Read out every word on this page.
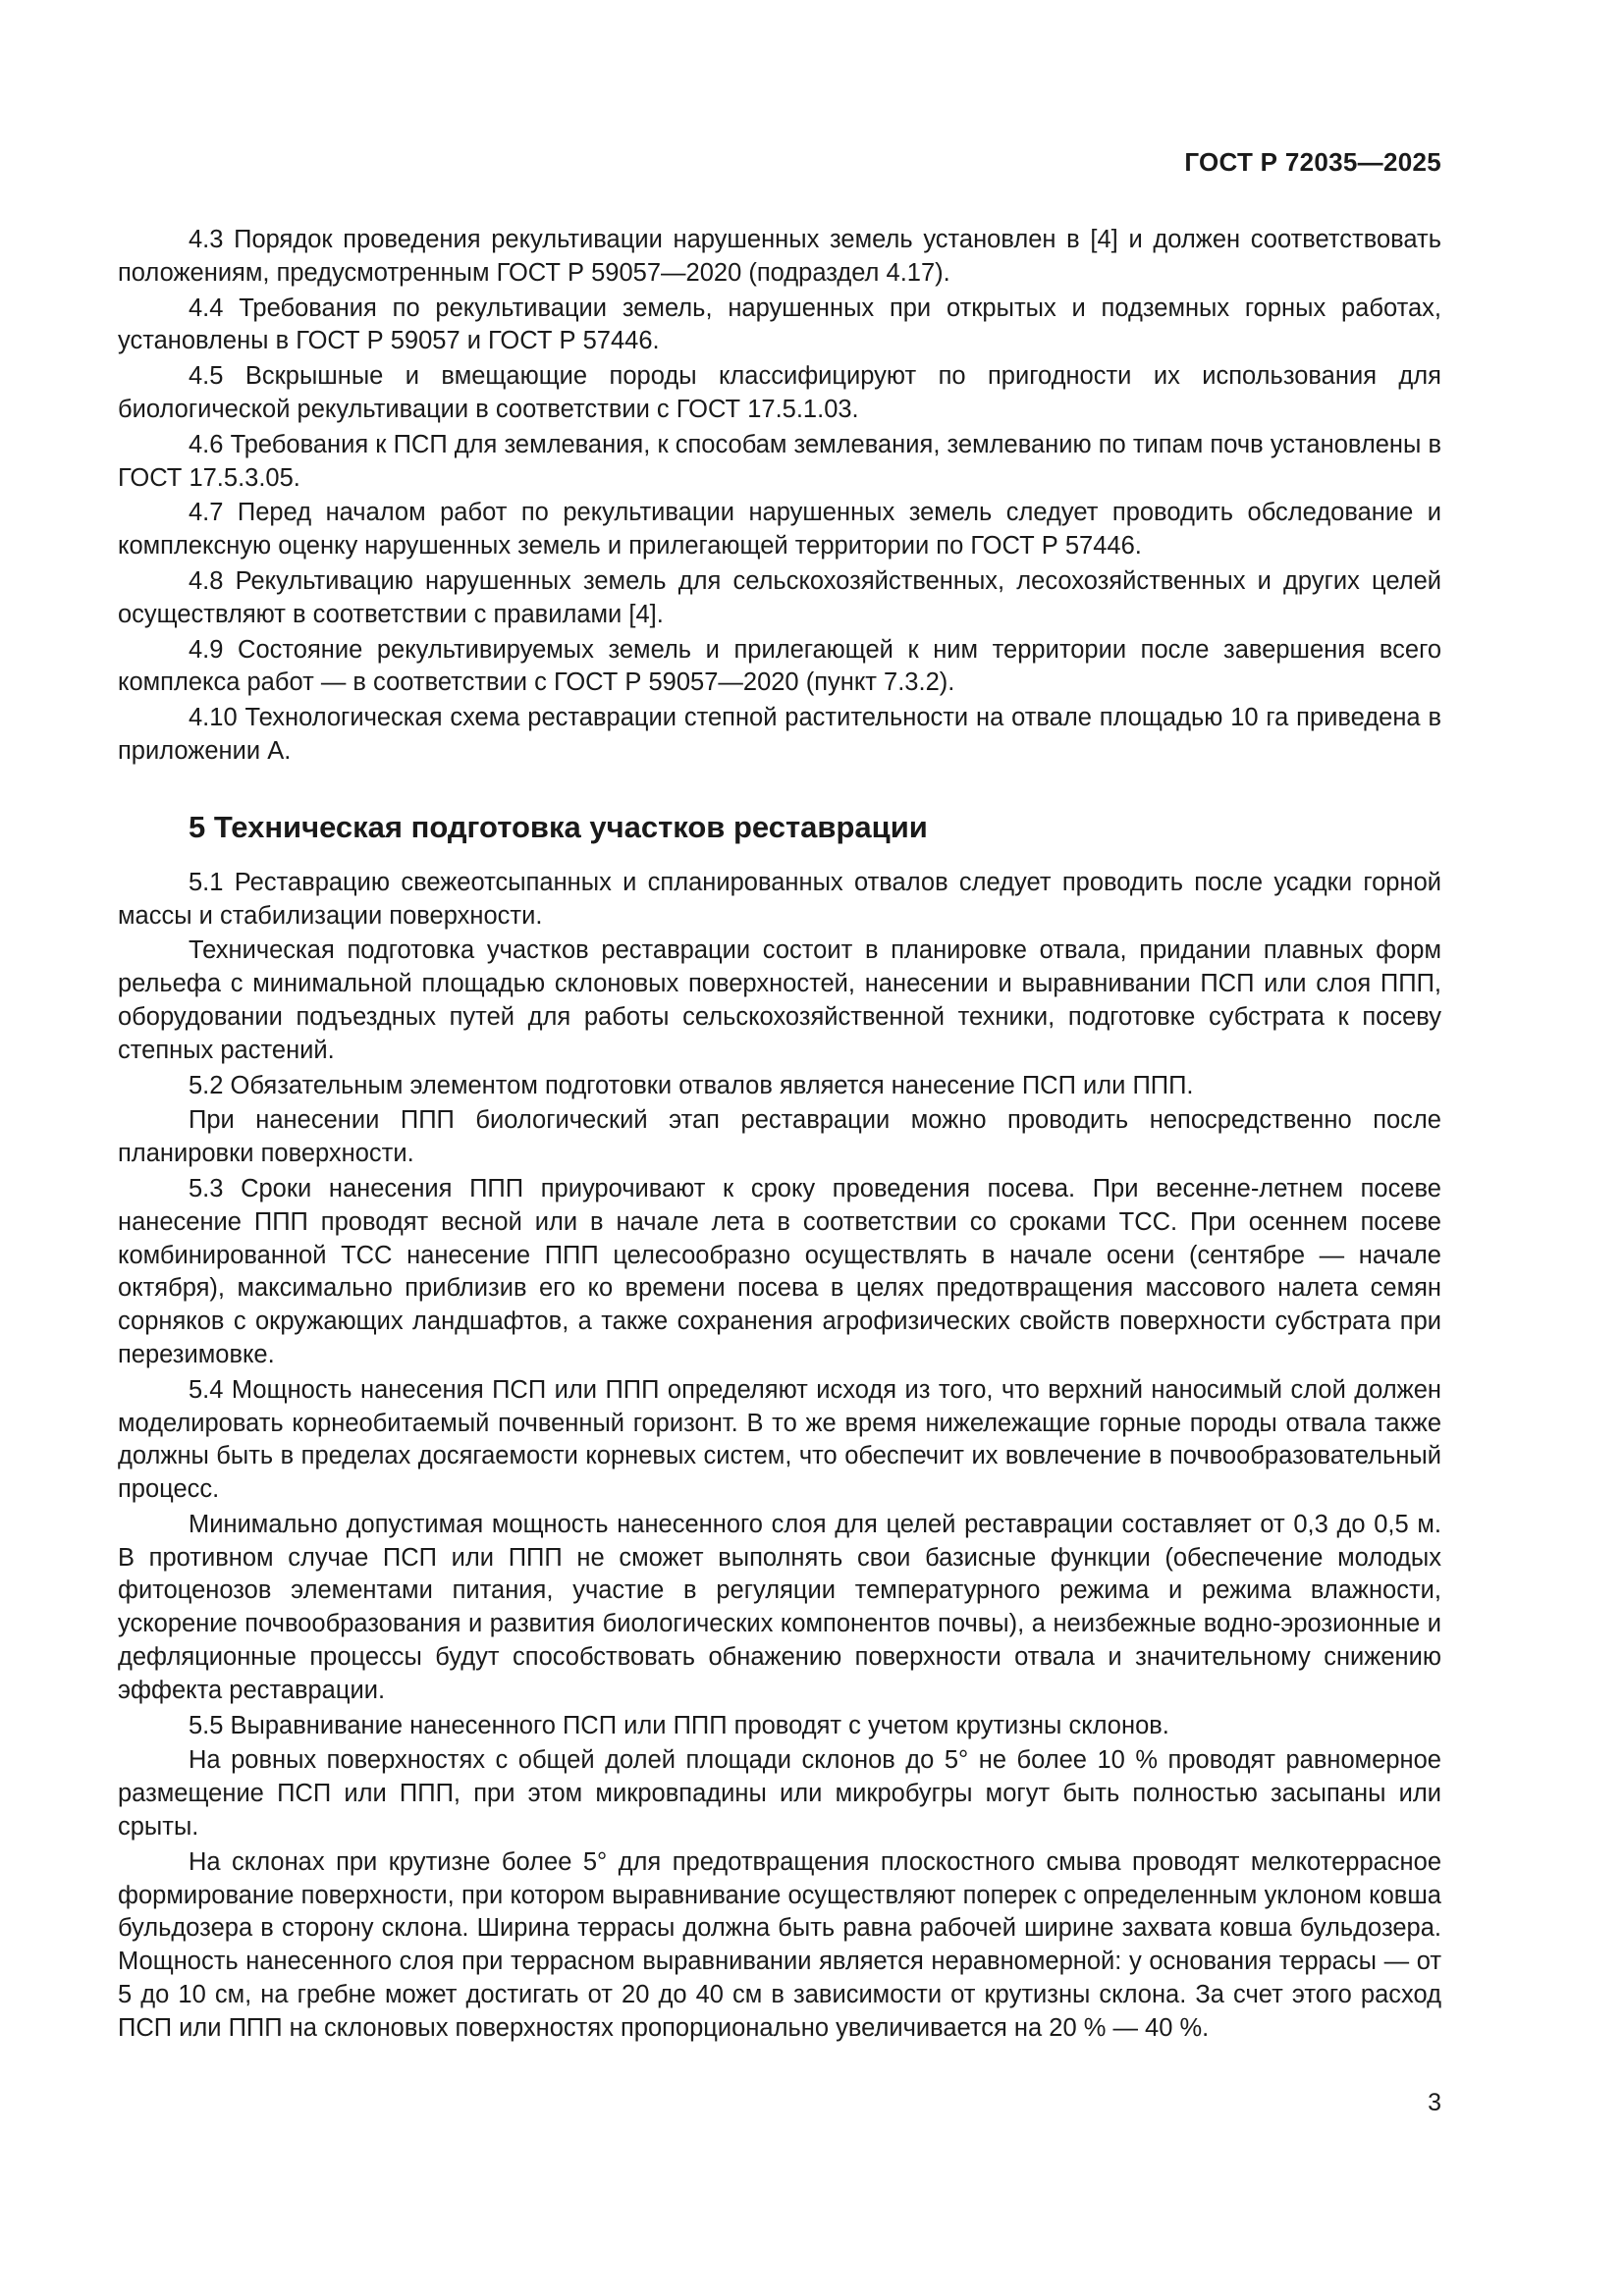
ГОСТ Р 72035—2025

4.3 Порядок проведения рекультивации нарушенных земель установлен в [4] и должен соответствовать положениям, предусмотренным ГОСТ Р 59057—2020 (подраздел 4.17).

4.4 Требования по рекультивации земель, нарушенных при открытых и подземных горных работах, установлены в ГОСТ Р 59057 и ГОСТ Р 57446.

4.5 Вскрышные и вмещающие породы классифицируют по пригодности их использования для биологической рекультивации в соответствии с ГОСТ 17.5.1.03.

4.6 Требования к ПСП для землевания, к способам землевания, землеванию по типам почв установлены в ГОСТ 17.5.3.05.

4.7 Перед началом работ по рекультивации нарушенных земель следует проводить обследование и комплексную оценку нарушенных земель и прилегающей территории по ГОСТ Р 57446.

4.8 Рекультивацию нарушенных земель для сельскохозяйственных, лесохозяйственных и других целей осуществляют в соответствии с правилами [4].

4.9 Состояние рекультивируемых земель и прилегающей к ним территории после завершения всего комплекса работ — в соответствии с ГОСТ Р 59057—2020 (пункт 7.3.2).

4.10 Технологическая схема реставрации степной растительности на отвале площадью 10 га приведена в приложении А.

5 Техническая подготовка участков реставрации

5.1 Реставрацию свежеотсыпанных и спланированных отвалов следует проводить после усадки горной массы и стабилизации поверхности.

Техническая подготовка участков реставрации состоит в планировке отвала, придании плавных форм рельефа с минимальной площадью склоновых поверхностей, нанесении и выравнивании ПСП или слоя ППП, оборудовании подъездных путей для работы сельскохозяйственной техники, подготовке субстрата к посеву степных растений.

5.2 Обязательным элементом подготовки отвалов является нанесение ПСП или ППП.

При нанесении ППП биологический этап реставрации можно проводить непосредственно после планировки поверхности.

5.3 Сроки нанесения ППП приурочивают к сроку проведения посева. При весенне-летнем посеве нанесение ППП проводят весной или в начале лета в соответствии со сроками ТСС. При осеннем посеве комбинированной ТСС нанесение ППП целесообразно осуществлять в начале осени (сентябре — начале октября), максимально приблизив его ко времени посева в целях предотвращения массового налета семян сорняков с окружающих ландшафтов, а также сохранения агрофизических свойств поверхности субстрата при перезимовке.

5.4 Мощность нанесения ПСП или ППП определяют исходя из того, что верхний наносимый слой должен моделировать корнеобитаемый почвенный горизонт. В то же время нижележащие горные породы отвала также должны быть в пределах досягаемости корневых систем, что обеспечит их вовлечение в почвообразовательный процесс.

Минимально допустимая мощность нанесенного слоя для целей реставрации составляет от 0,3 до 0,5 м. В противном случае ПСП или ППП не сможет выполнять свои базисные функции (обеспечение молодых фитоценозов элементами питания, участие в регуляции температурного режима и режима влажности, ускорение почвообразования и развития биологических компонентов почвы), а неизбежные водно-эрозионные и дефляционные процессы будут способствовать обнажению поверхности отвала и значительному снижению эффекта реставрации.

5.5 Выравнивание нанесенного ПСП или ППП проводят с учетом крутизны склонов.

На ровных поверхностях с общей долей площади склонов до 5° не более 10 % проводят равномерное размещение ПСП или ППП, при этом микровпадины или микробугры могут быть полностью засыпаны или срыты.

На склонах при крутизне более 5° для предотвращения плоскостного смыва проводят мелкотеррасное формирование поверхности, при котором выравнивание осуществляют поперек с определенным уклоном ковша бульдозера в сторону склона. Ширина террасы должна быть равна рабочей ширине захвата ковша бульдозера. Мощность нанесенного слоя при террасном выравнивании является неравномерной: у основания террасы — от 5 до 10 см, на гребне может достигать от 20 до 40 см в зависимости от крутизны склона. За счет этого расход ПСП или ППП на склоновых поверхностях пропорционально увеличивается на 20 % — 40 %.

3
